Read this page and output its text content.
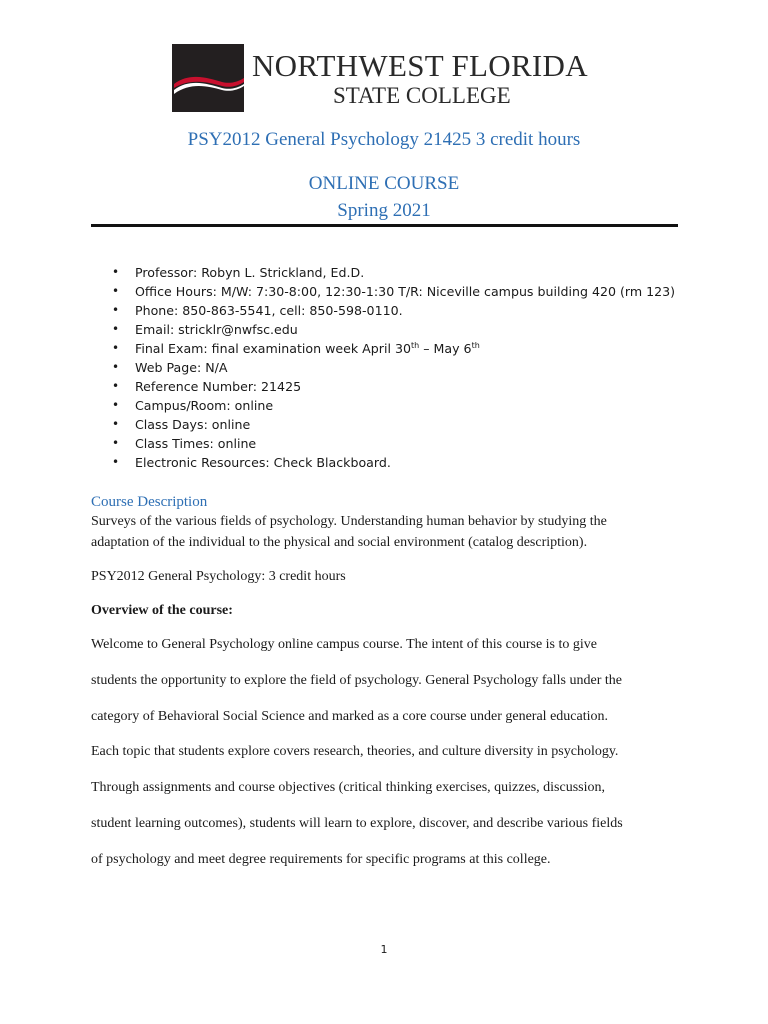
NORTHWEST FLORIDA
STATE COLLEGE
PSY2012 General Psychology 21425 3 credit hours
ONLINE COURSE
Spring 2021
• Professor: Robyn L. Strickland, Ed.D.
• Office Hours: M/W: 7:30-8:00, 12:30-1:30 T/R: Niceville campus building 420 (rm 123)
• Phone: 850-863-5541, cell: 850-598-0110.
• Email: stricklr@nwfsc.edu
• Final Exam: final examination week April 30th – May 6th
• Web Page: N/A
• Reference Number: 21425
• Campus/Room: online
• Class Days: online
• Class Times: online
• Electronic Resources: Check Blackboard.
Course Description
Surveys of the various fields of psychology. Understanding human behavior by studying the
adaptation of the individual to the physical and social environment (catalog description).
PSY2012 General Psychology: 3 credit hours
Overview of the course:
Welcome to General Psychology online campus course. The intent of this course is to give
students the opportunity to explore the field of psychology. General Psychology falls under the
category of Behavioral Social Science and marked as a core course under general education.
Each topic that students explore covers research, theories, and culture diversity in psychology.
Through assignments and course objectives (critical thinking exercises, quizzes, discussion,
student learning outcomes), students will learn to explore, discover, and describe various fields
of psychology and meet degree requirements for specific programs at this college.
1
